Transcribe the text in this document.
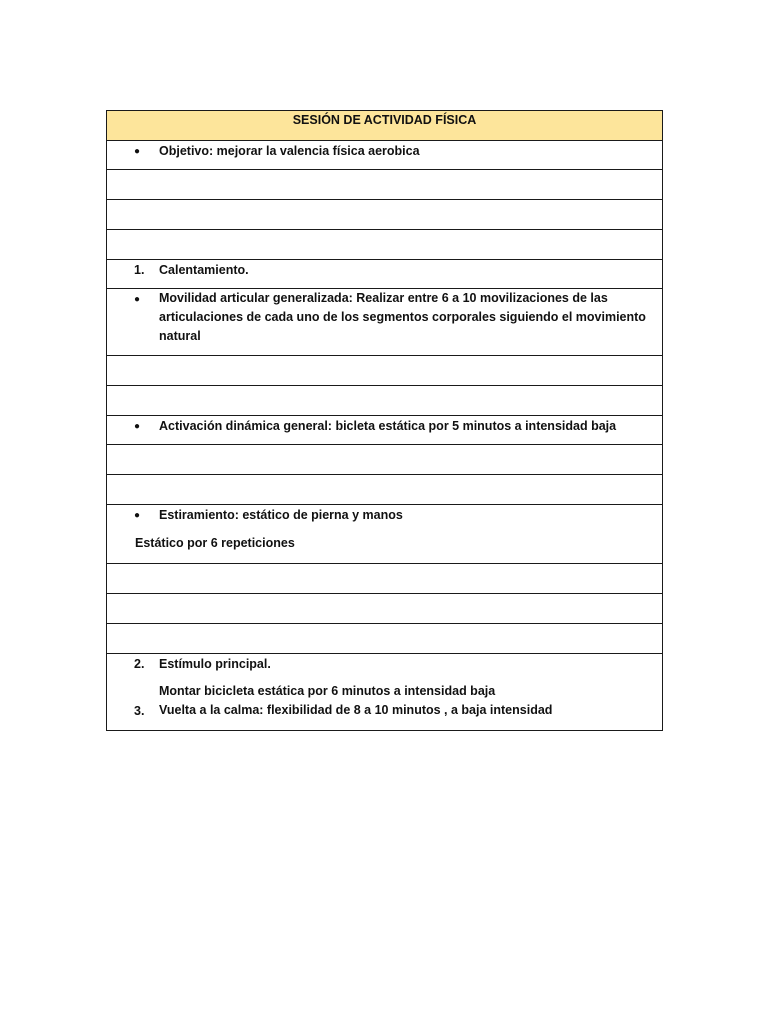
SESIÓN DE ACTIVIDAD FÍSICA

● Objetivo: mejorar la valencia física aerobica

1. Calentamiento.

● Movilidad articular generalizada: Realizar entre 6 a 10 movilizaciones de las articulaciones de cada uno de los segmentos corporales siguiendo el movimiento natural

● Activación dinámica general: bicleta estática por 5 minutos a intensidad baja

● Estiramiento: estático de pierna y manos
Estático por 6 repeticiones

2. Estímulo principal.
Montar bicicleta estática por 6 minutos a intensidad baja
3. Vuelta a la calma: flexibilidad de 8 a 10 minutos , a baja intensidad
